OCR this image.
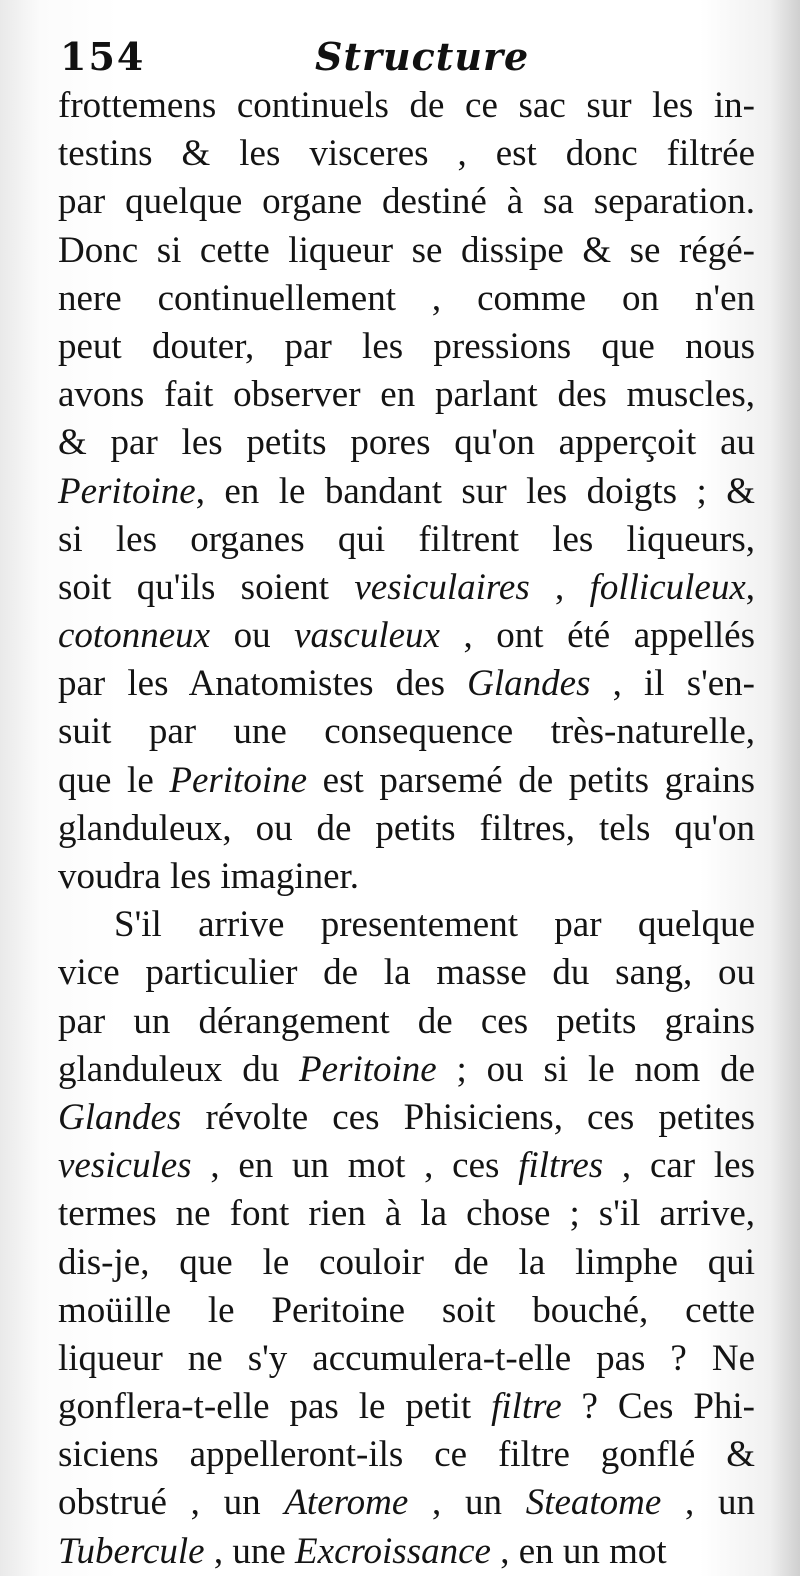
154	Structure
frottemens continuels de ce sac sur les in-
testins & les visceres , est donc filtrée
par quelque organe destiné à sa separation.
Donc si cette liqueur se dissipe & se régé-
nere continuellement , comme on n'en
peut douter, par les pressions que nous
avons fait observer en parlant des muscles,
& par les petits pores qu'on apperçoit au
Peritoine, en le bandant sur les doigts ; &
si les organes qui filtrent les liqueurs,
soit qu'ils soient vesiculaires , folliculeux,
cotonneux ou vasculeux , ont été appellés
par les Anatomistes des Glandes , il s'en-
suit par une consequence très-naturelle,
que le Peritoine est parsemé de petits grains
glanduleux, ou de petits filtres, tels qu'on
voudra les imaginer.
S'il arrive presentement par quelque
vice particulier de la masse du sang, ou
par un dérangement de ces petits grains
glanduleux du Peritoine ; ou si le nom de
Glandes révolte ces Phisiciens, ces petites
vesicules , en un mot , ces filtres , car les
termes ne font rien à la chose ; s'il arrive,
dis-je, que le couloir de la limphe qui
moüille le Peritoine soit bouché, cette
liqueur ne s'y accumulera-t-elle pas ? Ne
gonflera-t-elle pas le petit filtre ? Ces Phi-
siciens appelleront-ils ce filtre gonflé &
obstrué , un Aterome , un Steatome , un
Tubercule , une Excroissance , en un mot
